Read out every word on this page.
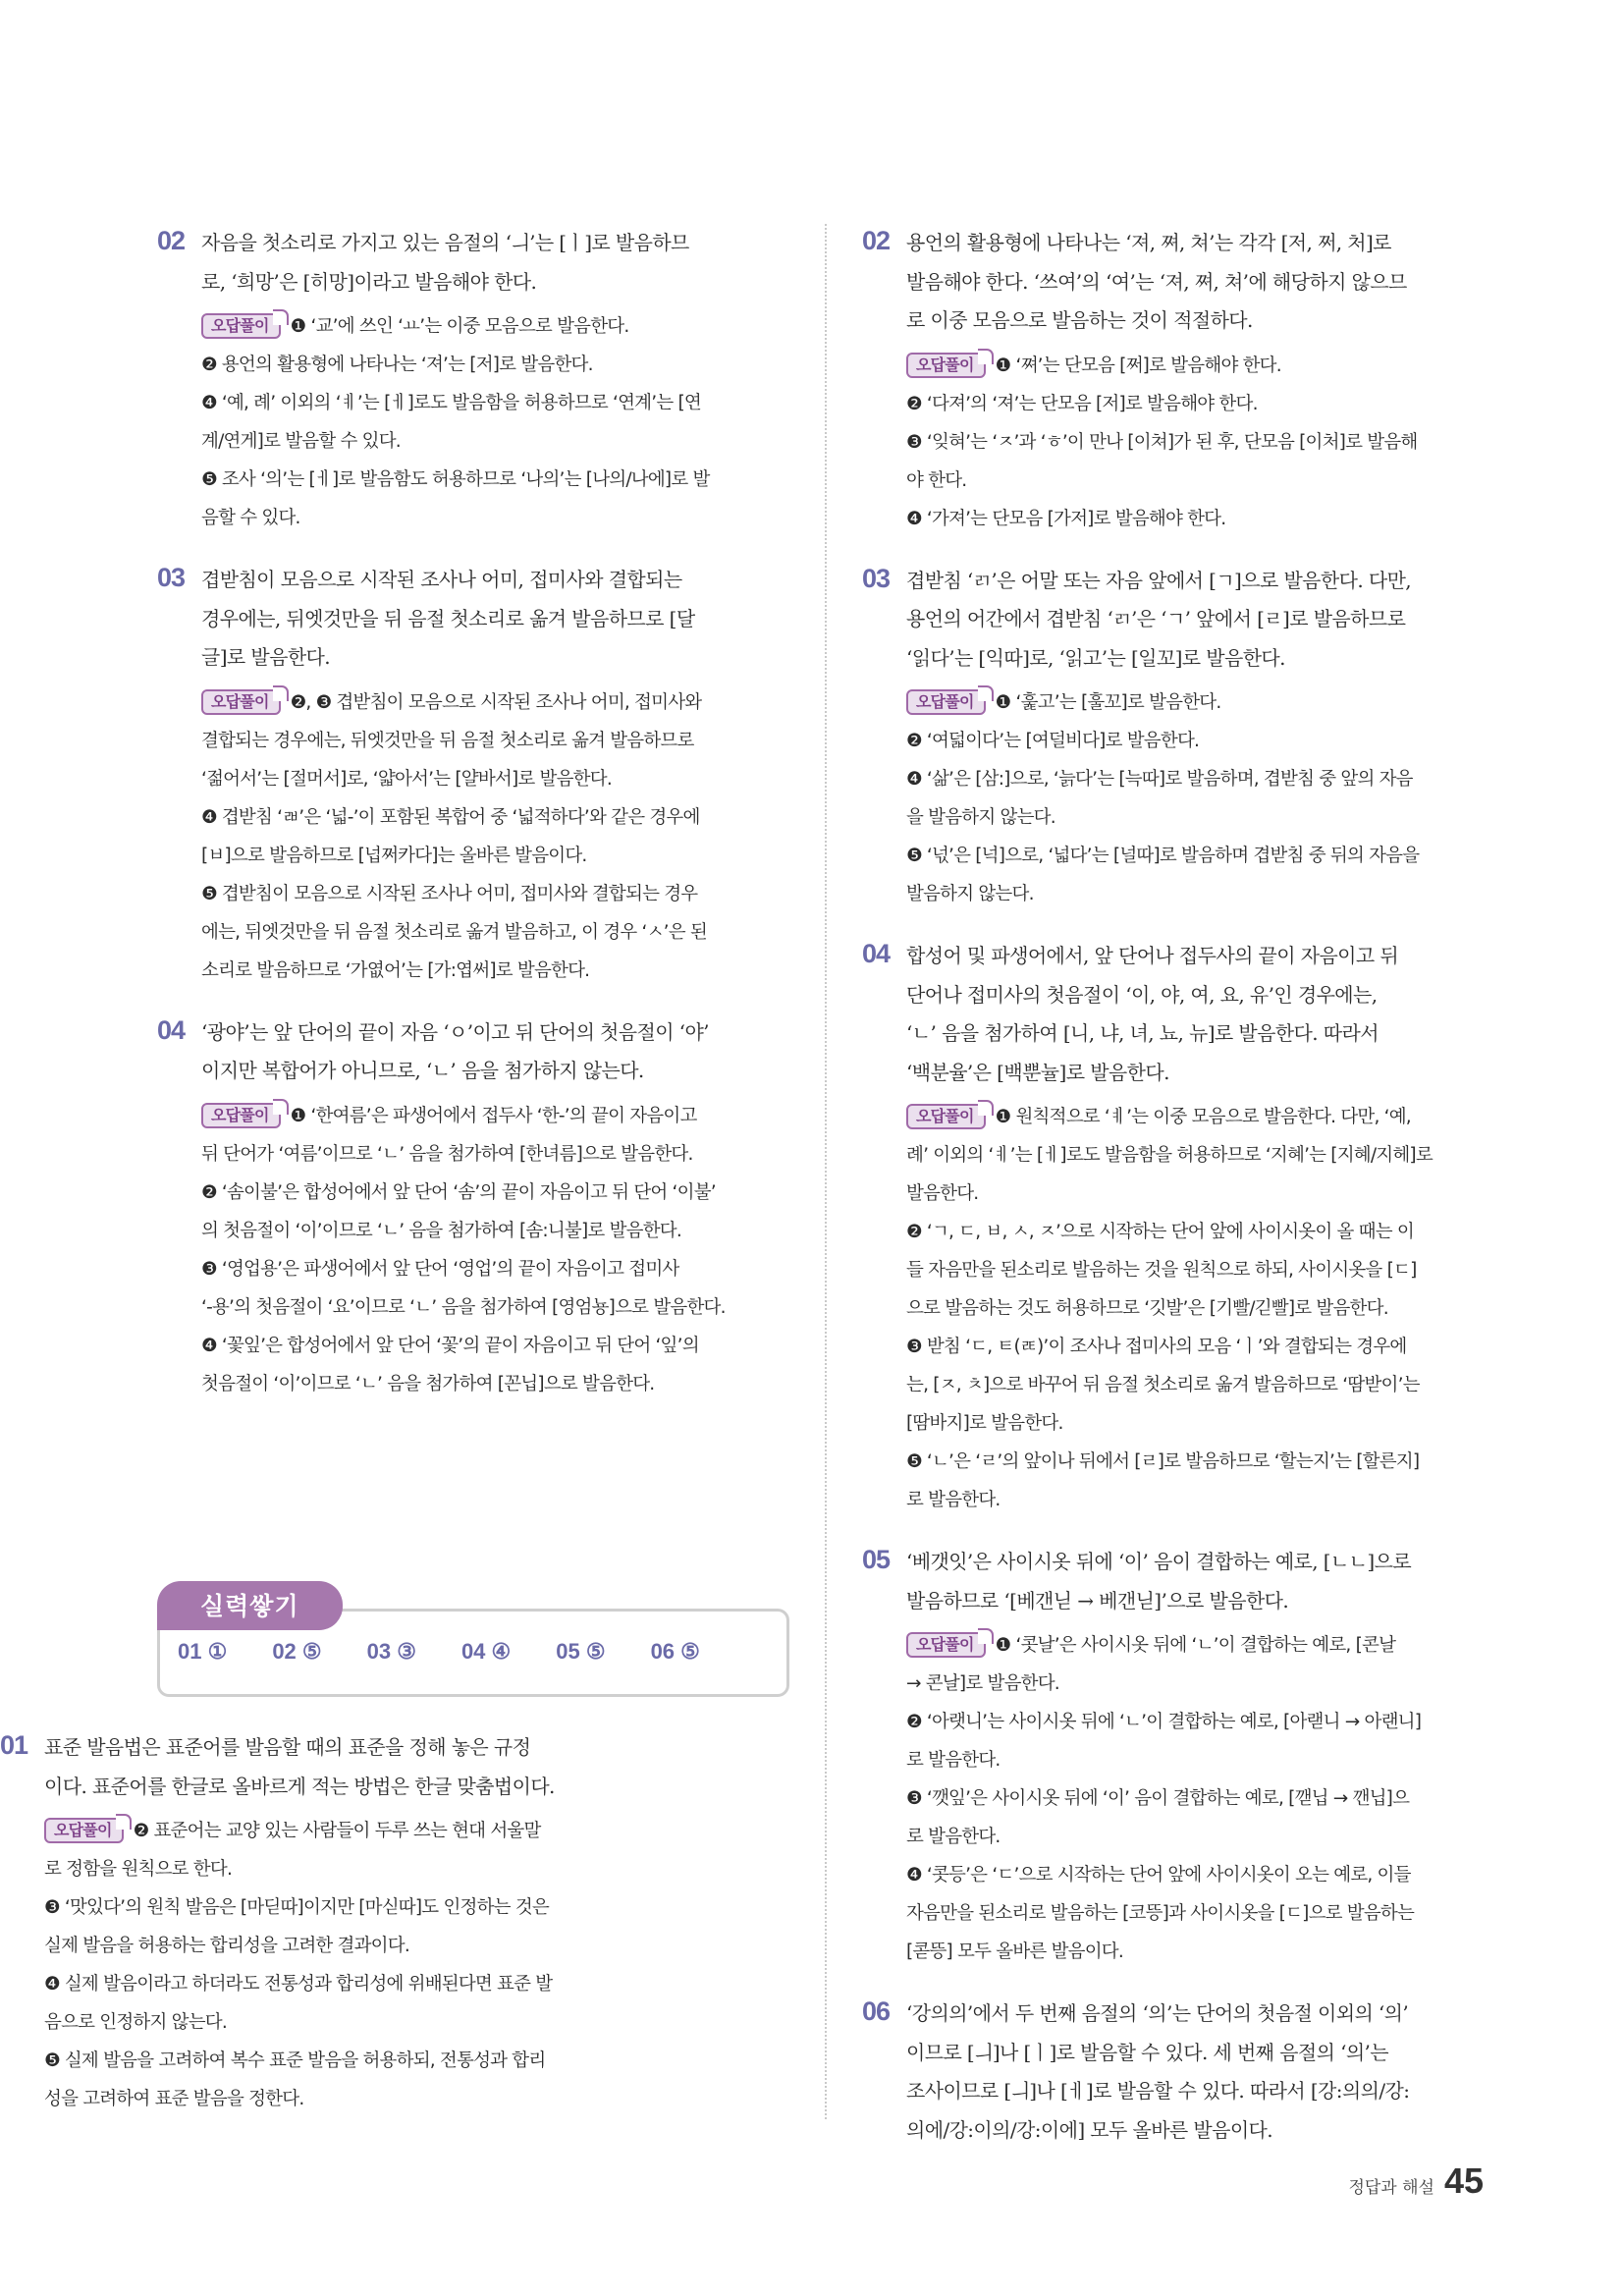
02 자음을 첫소리로 가지고 있는 음절의 ‘ㅢ’는 [ㅣ]로 발음하므
로, ‘희망’은 [히망]이라고 발음해야 한다.

오답풀이 ❶ ‘교’에 쓰인 ‘ㅛ’는 이중 모음으로 발음한다.
❷ 용언의 활용형에 나타나는 ‘져’는 [저]로 발음한다.
❹ ‘예, 례’ 이외의 ‘ㅖ’는 [ㅔ]로도 발음함을 허용하므로 ‘연계’는 [연
계/연게]로 발음할 수 있다.
❺ 조사 ‘의’는 [ㅔ]로 발음함도 허용하므로 ‘나의’는 [나의/나에]로 발
음할 수 있다.
03 겹받침이 모음으로 시작된 조사나 어미, 접미사와 결합되는
경우에는, 뒤엣것만을 뒤 음절 첫소리로 옮겨 발음하므로 [달
글]로 발음한다.

오답풀이 ❷, ❸ 겹받침이 모음으로 시작된 조사나 어미, 접미사와
결합되는 경우에는, 뒤엣것만을 뒤 음절 첫소리로 옮겨 발음하므로
‘젊어서’는 [절머서]로, ‘얇아서’는 [얄바서]로 발음한다.
❹ 겹받침 ‘ㄼ’은 ‘넓-’이 포함된 복합어 중 ‘넓적하다’와 같은 경우에
[ㅂ]으로 발음하므로 [넙쩌카다]는 올바른 발음이다.
❺ 겹받침이 모음으로 시작된 조사나 어미, 접미사와 결합되는 경우
에는, 뒤엣것만을 뒤 음절 첫소리로 옮겨 발음하고, 이 경우 ‘ㅅ’은 된
소리로 발음하므로 ‘가엾어’는 [가:엽써]로 발음한다.
04 ‘광야’는 앞 단어의 끝이 자음 ‘ㅇ’이고 뒤 단어의 첫음절이 ‘야’
이지만 복합어가 아니므로, ‘ㄴ’ 음을 첨가하지 않는다.

오답풀이 ❶ ‘한여름’은 파생어에서 접두사 ‘한-’의 끝이 자음이고
뒤 단어가 ‘여름’이므로 ‘ㄴ’ 음을 첨가하여 [한녀름]으로 발음한다.
❷ ‘솜이불’은 합성어에서 앞 단어 ‘솜’의 끝이 자음이고 뒤 단어 ‘이불’
의 첫음절이 ‘이’이므로 ‘ㄴ’ 음을 첨가하여 [솜:니불]로 발음한다.
❸ ‘영업용’은 파생어에서 앞 단어 ‘영업’의 끝이 자음이고 접미사
‘-용’의 첫음절이 ‘요’이므로 ‘ㄴ’ 음을 첨가하여 [영엄뇽]으로 발음한다.
❹ ‘꽃잎’은 합성어에서 앞 단어 ‘꽃’의 끝이 자음이고 뒤 단어 ‘잎’의
첫음절이 ‘이’이므로 ‘ㄴ’ 음을 첨가하여 [꼰닙]으로 발음한다.
실력쌓기
01 ① 02 ⑤ 03 ③ 04 ④ 05 ⑤ 06 ⑤
01 표준 발음법은 표준어를 발음할 때의 표준을 정해 놓은 규정
이다. 표준어를 한글로 올바르게 적는 방법은 한글 맞춤법이다.

오답풀이 ❷ 표준어는 교양 있는 사람들이 두루 쓰는 현대 서울말
로 정함을 원칙으로 한다.
❸ ‘맛있다’의 원칙 발음은 [마딛따]이지만 [마싣따]도 인정하는 것은
실제 발음을 허용하는 합리성을 고려한 결과이다.
❹ 실제 발음이라고 하더라도 전통성과 합리성에 위배된다면 표준 발
음으로 인정하지 않는다.
❺ 실제 발음을 고려하여 복수 표준 발음을 허용하되, 전통성과 합리
성을 고려하여 표준 발음을 정한다.
02 용언의 활용형에 나타나는 ‘져, 쪄, 쳐’는 각각 [저, 쩌, 처]로
발음해야 한다. ‘쓰여’의 ‘여’는 ‘져, 쪄, 쳐’에 해당하지 않으므
로 이중 모음으로 발음하는 것이 적절하다.

오답풀이 ❶ ‘쪄’는 단모음 [쩌]로 발음해야 한다.
❷ ‘다져’의 ‘져’는 단모음 [저]로 발음해야 한다.
❸ ‘잊혀’는 ‘ㅈ’과 ‘ㅎ’이 만나 [이쳐]가 된 후, 단모음 [이처]로 발음해
야 한다.
❹ ‘가져’는 단모음 [가저]로 발음해야 한다.
03 겹받침 ‘ㄺ’은 어말 또는 자음 앞에서 [ㄱ]으로 발음한다. 다만,
용언의 어간에서 겹받침 ‘ㄺ’은 ‘ㄱ’ 앞에서 [ㄹ]로 발음하므로
‘읽다’는 [익따]로, ‘읽고’는 [일꼬]로 발음한다.

오답풀이 ❶ ‘훑고’는 [훌꼬]로 발음한다.
❷ ‘여덟이다’는 [여덜비다]로 발음한다.
❹ ‘삶’은 [삼:]으로, ‘늙다’는 [늑따]로 발음하며, 겹받침 중 앞의 자음
을 발음하지 않는다.
❺ ‘넋’은 [넉]으로, ‘넓다’는 [널따]로 발음하며 겹받침 중 뒤의 자음을
발음하지 않는다.
04 합성어 및 파생어에서, 앞 단어나 접두사의 끝이 자음이고 뒤
단어나 접미사의 첫음절이 ‘이, 야, 여, 요, 유’인 경우에는,
‘ㄴ’ 음을 첨가하여 [니, 냐, 녀, 뇨, 뉴]로 발음한다. 따라서
‘백분율’은 [백뿐뉼]로 발음한다.

오답풀이 ❶ 원칙적으로 ‘ㅖ’는 이중 모음으로 발음한다. 다만, ‘예,
례’ 이외의 ‘ㅖ’는 [ㅔ]로도 발음함을 허용하므로 ‘지혜’는 [지혜/지헤]로
발음한다.
❷ ‘ㄱ, ㄷ, ㅂ, ㅅ, ㅈ’으로 시작하는 단어 앞에 사이시옷이 올 때는 이
들 자음만을 된소리로 발음하는 것을 원칙으로 하되, 사이시옷을 [ㄷ]
으로 발음하는 것도 허용하므로 ‘깃발’은 [기빨/긷빨]로 발음한다.
❸ 받침 ‘ㄷ, ㅌ(ㄾ)’이 조사나 접미사의 모음 ‘ㅣ’와 결합되는 경우에
는, [ㅈ, ㅊ]으로 바꾸어 뒤 음절 첫소리로 옮겨 발음하므로 ‘땀받이’는
[땀바지]로 발음한다.
❺ ‘ㄴ’은 ‘ㄹ’의 앞이나 뒤에서 [ㄹ]로 발음하므로 ‘할는지’는 [할른지]
로 발음한다.
05 ‘베갯잇’은 사이시옷 뒤에 ‘이’ 음이 결합하는 예로, [ㄴㄴ]으로
발음하므로 ‘[베갠닏 → 베갠닏]’으로 발음한다.

오답풀이 ❶ ‘콧날’은 사이시옷 뒤에 ‘ㄴ’이 결합하는 예로, [콘날
→ 콘날]로 발음한다.
❷ ‘아랫니’는 사이시옷 뒤에 ‘ㄴ’이 결합하는 예로, [아랟니 → 아랜니]
로 발음한다.
❸ ‘깻잎’은 사이시옷 뒤에 ‘이’ 음이 결합하는 예로, [깯닙 → 깬닙]으
로 발음한다.
❹ ‘콧등’은 ‘ㄷ’으로 시작하는 단어 앞에 사이시옷이 오는 예로, 이들
자음만을 된소리로 발음하는 [코뜽]과 사이시옷을 [ㄷ]으로 발음하는
[콛뜽] 모두 올바른 발음이다.
06 ‘강의의’에서 두 번째 음절의 ‘의’는 단어의 첫음절 이외의 ‘의’
이므로 [ㅢ]나 [ㅣ]로 발음할 수 있다. 세 번째 음절의 ‘의’는
조사이므로 [ㅢ]나 [ㅔ]로 발음할 수 있다. 따라서 [강:의의/강:
의에/강:이의/강:이에] 모두 올바른 발음이다.

정답과 해설 45
